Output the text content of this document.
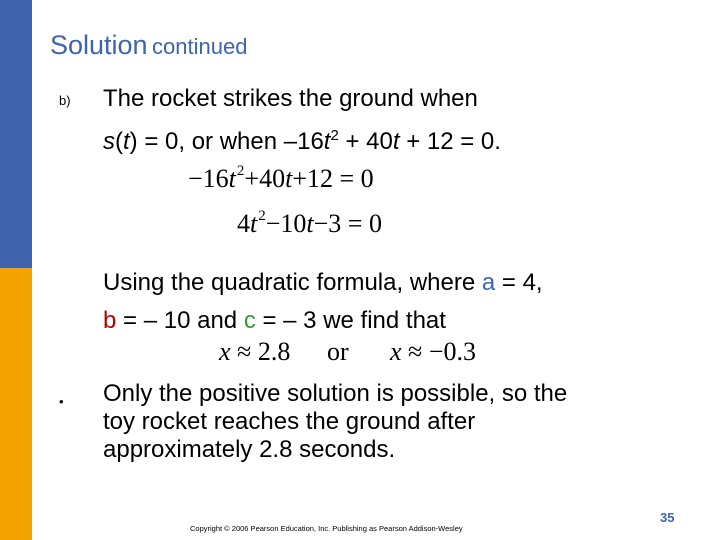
Solution continued
b) The rocket strikes the ground when
s(t) = 0, or when $-16t^2 + 40t + 12 = 0$.
$-16t^2+40t+12 = 0$
$4t^2-10t-3 = 0$
Using the quadratic formula, where a = 4,
b = – 10 and c = – 3 we find that
x ≈ 2.8 or x ≈ −0.3
• Only the positive solution is possible, so the
toy rocket reaches the ground after
approximately 2.8 seconds.
Copyright © 2006 Pearson Education, Inc. Publishing as Pearson Addison-Wesley
35
